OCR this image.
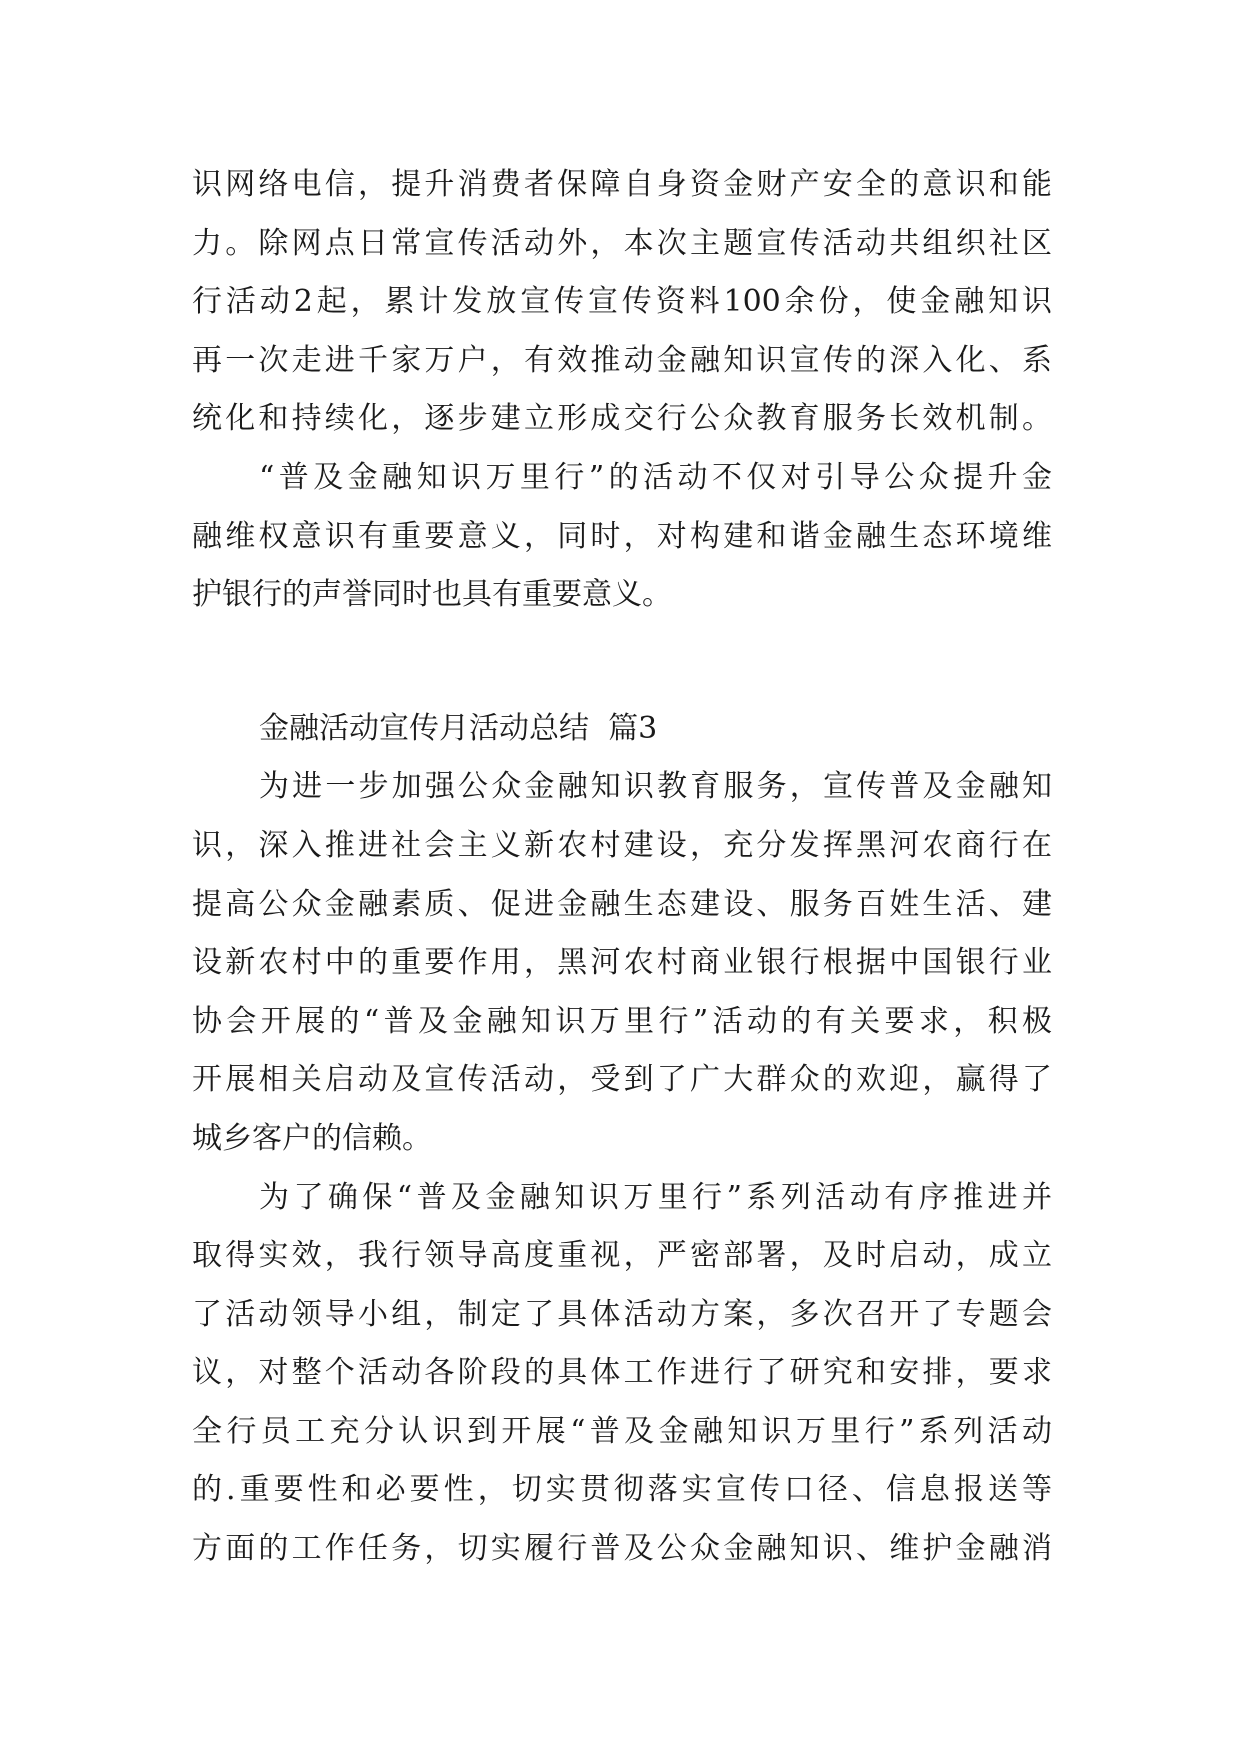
识网络电信，提升消费者保障自身资金财产安全的意识和能
力。除网点日常宣传活动外，本次主题宣传活动共组织社区
行活动2起，累计发放宣传宣传资料100余份，使金融知识
再一次走进千家万户，有效推动金融知识宣传的深入化、系
统化和持续化，逐步建立形成交行公众教育服务长效机制。
“普及金融知识万里行”的活动不仅对引导公众提升金
融维权意识有重要意义，同时，对构建和谐金融生态环境维
护银行的声誉同时也具有重要意义。
金融活动宣传月活动总结  篇3
为进一步加强公众金融知识教育服务，宣传普及金融知
识，深入推进社会主义新农村建设，充分发挥黑河农商行在
提高公众金融素质、促进金融生态建设、服务百姓生活、建
设新农村中的重要作用，黑河农村商业银行根据中国银行业
协会开展的“普及金融知识万里行”活动的有关要求，积极
开展相关启动及宣传活动，受到了广大群众的欢迎，赢得了
城乡客户的信赖。
为了确保“普及金融知识万里行”系列活动有序推进并
取得实效，我行领导高度重视，严密部署，及时启动，成立
了活动领导小组，制定了具体活动方案，多次召开了专题会
议，对整个活动各阶段的具体工作进行了研究和安排，要求
全行员工充分认识到开展“普及金融知识万里行”系列活动
的.重要性和必要性，切实贯彻落实宣传口径、信息报送等
方面的工作任务，切实履行普及公众金融知识、维护金融消
